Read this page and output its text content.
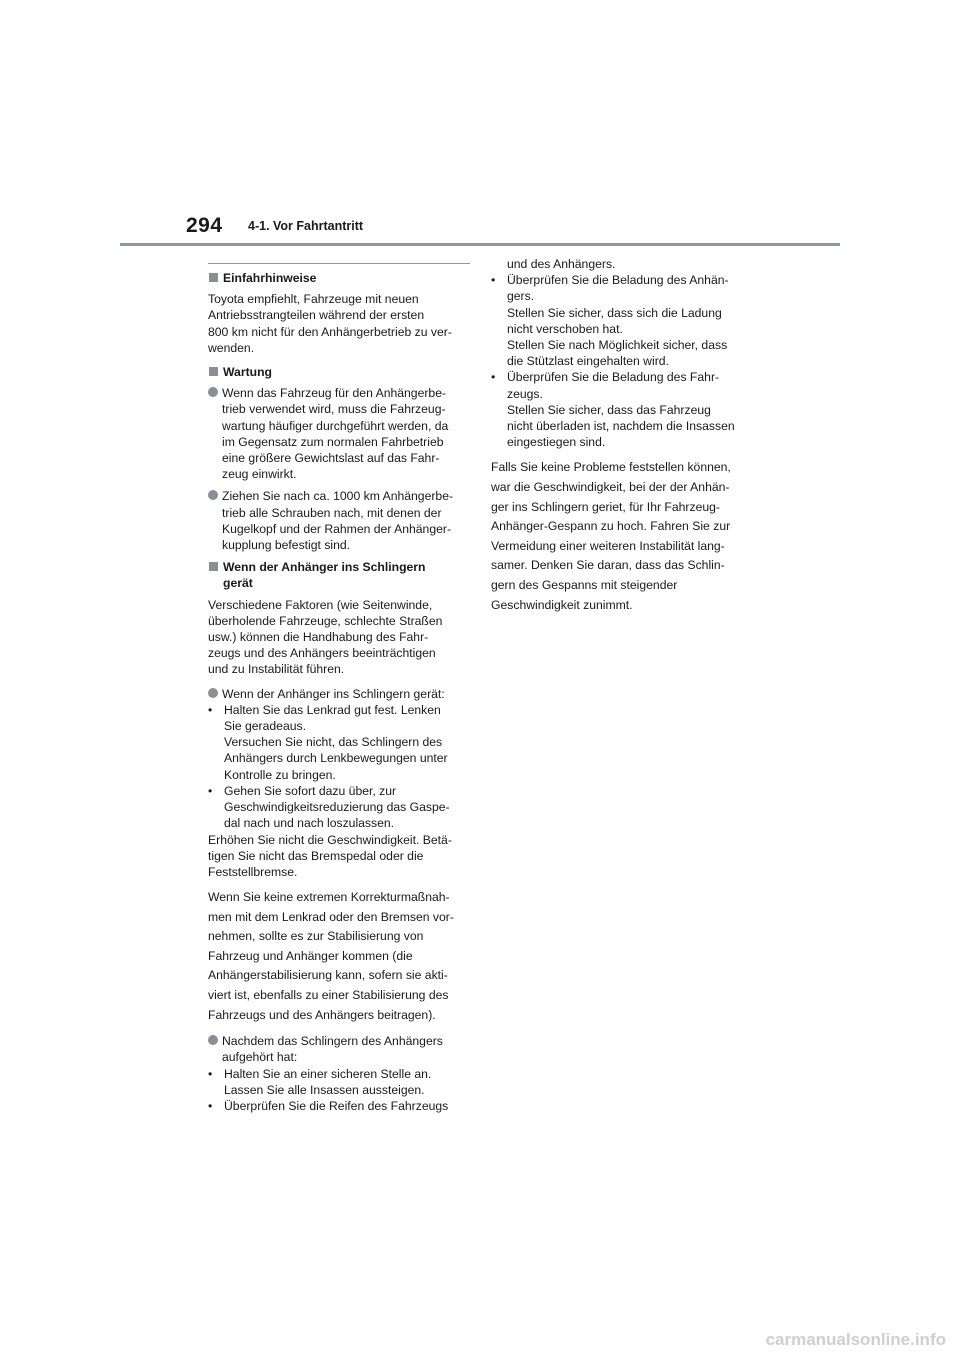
294 4-1. Vor Fahrtantritt
Einfahrhinweise
Toyota empfiehlt, Fahrzeuge mit neuen
Antriebsstrangteilen während der ersten
800 km nicht für den Anhängerbetrieb zu ver-
wenden.
Wartung
Wenn das Fahrzeug für den Anhängerbe-
trieb verwendet wird, muss die Fahrzeug-
wartung häufiger durchgeführt werden, da
im Gegensatz zum normalen Fahrbetrieb
eine größere Gewichtslast auf das Fahr-
zeug einwirkt.
Ziehen Sie nach ca. 1000 km Anhängerbe-
trieb alle Schrauben nach, mit denen der
Kugelkopf und der Rahmen der Anhänger-
kupplung befestigt sind.
Wenn der Anhänger ins Schlingern
gerät
Verschiedene Faktoren (wie Seitenwinde,
überholende Fahrzeuge, schlechte Straßen
usw.) können die Handhabung des Fahr-
zeugs und des Anhängers beeinträchtigen
und zu Instabilität führen.
Wenn der Anhänger ins Schlingern gerät:
• Halten Sie das Lenkrad gut fest. Lenken
Sie geradeaus.
Versuchen Sie nicht, das Schlingern des
Anhängers durch Lenkbewegungen unter
Kontrolle zu bringen.
• Gehen Sie sofort dazu über, zur
Geschwindigkeitsreduzierung das Gaspe-
dal nach und nach loszulassen.
Erhöhen Sie nicht die Geschwindigkeit. Betä-
tigen Sie nicht das Bremspedal oder die
Feststellbremse.
Wenn Sie keine extremen Korrekturmaßnah-
men mit dem Lenkrad oder den Bremsen vor-
nehmen, sollte es zur Stabilisierung von
Fahrzeug und Anhänger kommen (die
Anhängerstabilisierung kann, sofern sie akti-
viert ist, ebenfalls zu einer Stabilisierung des
Fahrzeugs und des Anhängers beitragen).
Nachdem das Schlingern des Anhängers
aufgehört hat:
• Halten Sie an einer sicheren Stelle an.
Lassen Sie alle Insassen aussteigen.
• Überprüfen Sie die Reifen des Fahrzeugs
und des Anhängers.
• Überprüfen Sie die Beladung des Anhän-
gers.
Stellen Sie sicher, dass sich die Ladung
nicht verschoben hat.
Stellen Sie nach Möglichkeit sicher, dass
die Stützlast eingehalten wird.
• Überprüfen Sie die Beladung des Fahr-
zeugs.
Stellen Sie sicher, dass das Fahrzeug
nicht überladen ist, nachdem die Insassen
eingestiegen sind.
Falls Sie keine Probleme feststellen können,
war die Geschwindigkeit, bei der der Anhän-
ger ins Schlingern geriet, für Ihr Fahrzeug-
Anhänger-Gespann zu hoch. Fahren Sie zur
Vermeidung einer weiteren Instabilität lang-
samer. Denken Sie daran, dass das Schlin-
gern des Gespanns mit steigender
Geschwindigkeit zunimmt.
carmanualsonline.info
